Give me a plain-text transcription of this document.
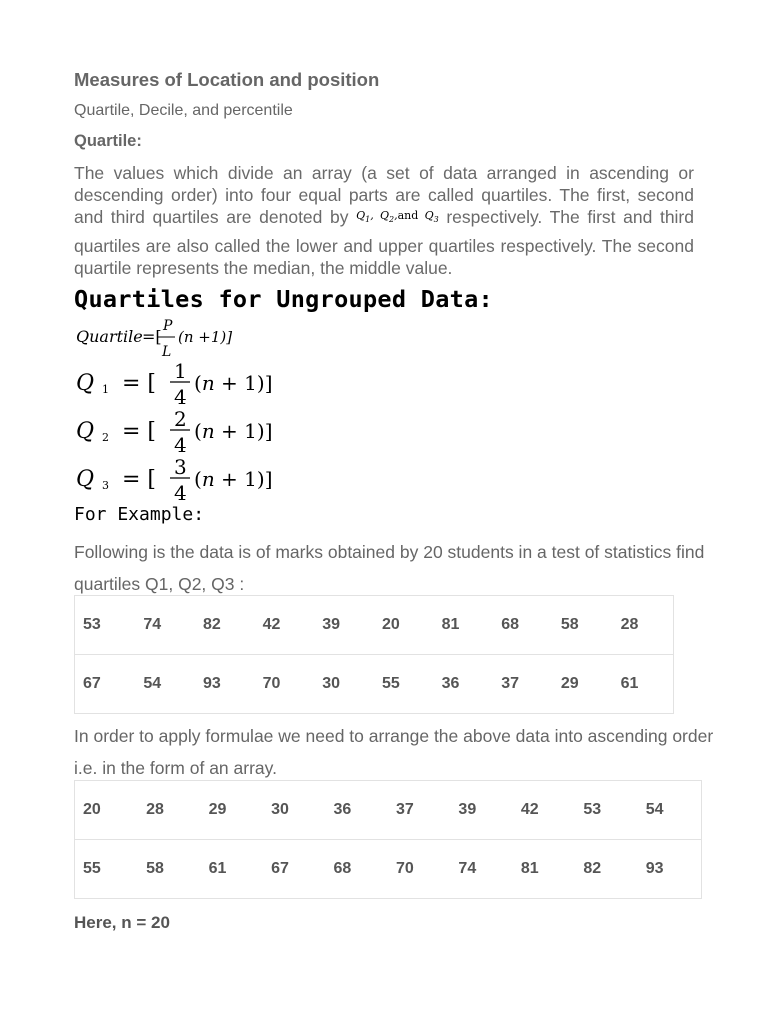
Measures of Location and position
Quartile, Decile, and percentile
Quartile:
The values which divide an array (a set of data arranged in ascending or descending order) into four equal parts are called quartiles. The first, second and third quartiles are denoted by $^{Q_1, Q_2,and Q_3}$ respectively. The first and third quartiles are also called the lower and upper quartiles respectively. The second quartile represents the median, the middle value.
Quartiles for Ungrouped Data:
Quartile =[
P
L
(n +1)]
Q 1 = [ 1
4
(n + 1)]
Q 2 = [ 2
4
(n + 1)]
Q 3 = [ 3
4
(n + 1)]
For Example:
Following is the data is of marks obtained by 20 students in a test of statistics find quartiles Q1, Q2, Q3 :
53	74	82	42	39	20	81	68	58	28
67	54	93	70	30	55	36	37	29	61
In order to apply formulae we need to arrange the above data into ascending order i.e. in the form of an array.
20	28	29	30	36	37	39	42	53	54
55	58	61	67	68	70	74	81	82	93
Here, n = 20
